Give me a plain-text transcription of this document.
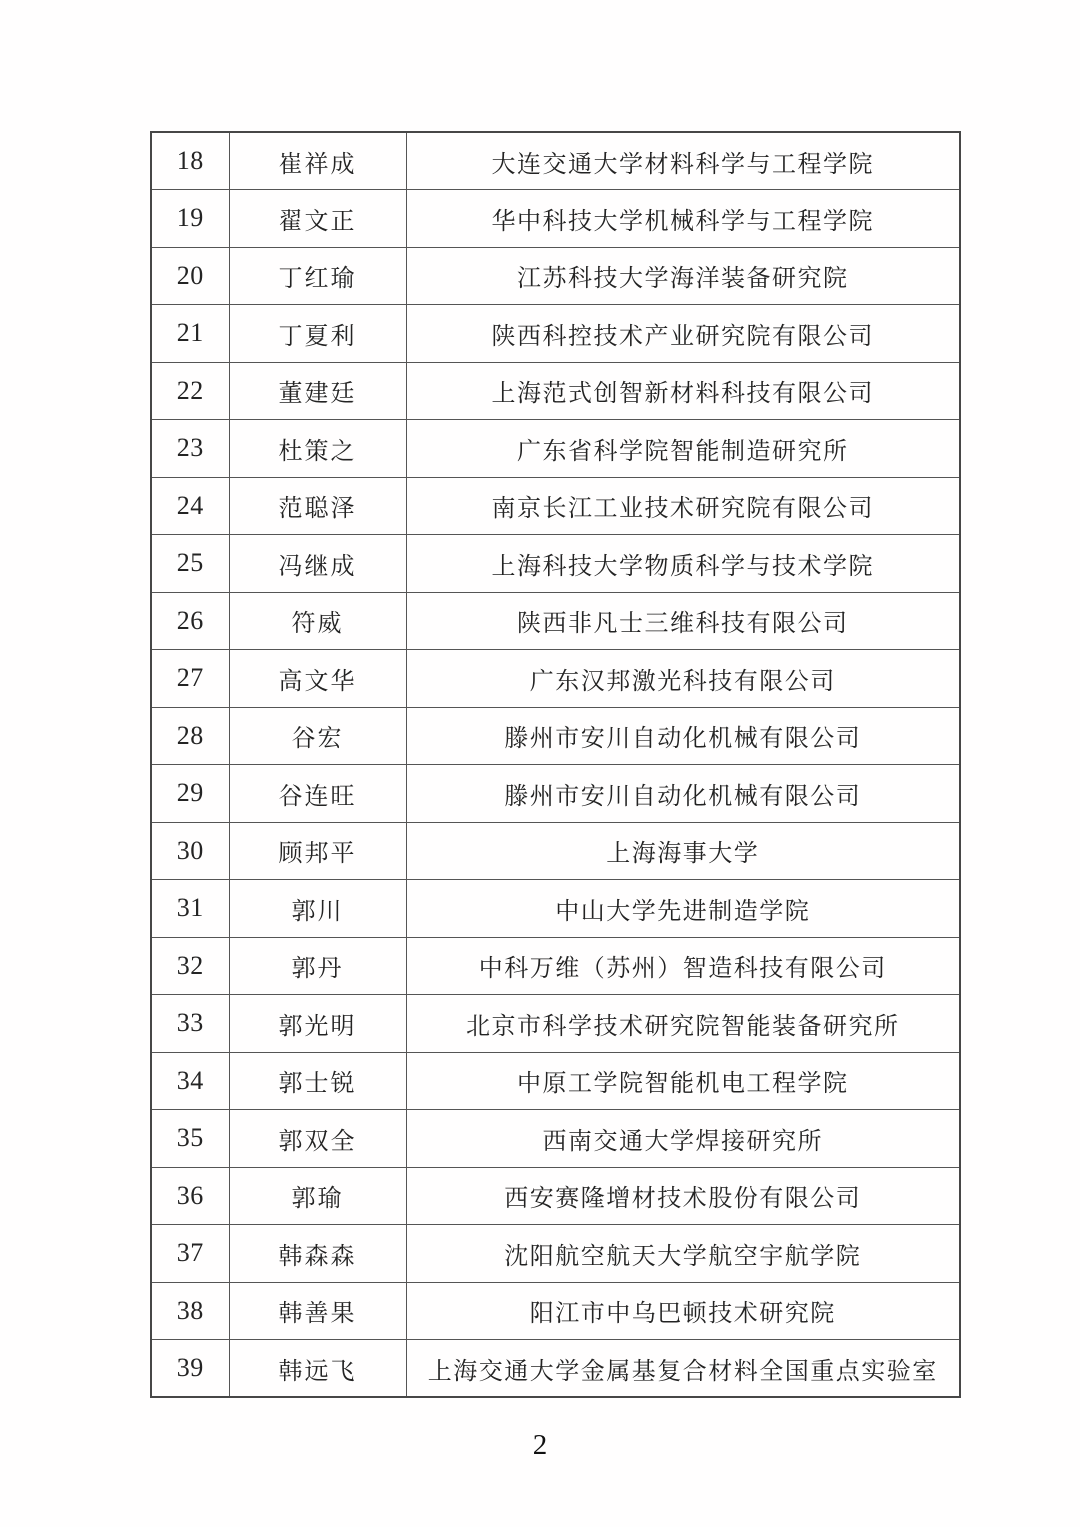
18	崔祥成	大连交通大学材料科学与工程学院
19	翟文正	华中科技大学机械科学与工程学院
20	丁红瑜	江苏科技大学海洋装备研究院
21	丁夏利	陕西科控技术产业研究院有限公司
22	董建廷	上海范式创智新材料科技有限公司
23	杜策之	广东省科学院智能制造研究所
24	范聪泽	南京长江工业技术研究院有限公司
25	冯继成	上海科技大学物质科学与技术学院
26	符威	陕西非凡士三维科技有限公司
27	高文华	广东汉邦激光科技有限公司
28	谷宏	滕州市安川自动化机械有限公司
29	谷连旺	滕州市安川自动化机械有限公司
30	顾邦平	上海海事大学
31	郭川	中山大学先进制造学院
32	郭丹	中科万维（苏州）智造科技有限公司
33	郭光明	北京市科学技术研究院智能装备研究所
34	郭士锐	中原工学院智能机电工程学院
35	郭双全	西南交通大学焊接研究所
36	郭瑜	西安赛隆增材技术股份有限公司
37	韩森森	沈阳航空航天大学航空宇航学院
38	韩善果	阳江市中乌巴顿技术研究院
39	韩远飞	上海交通大学金属基复合材料全国重点实验室
2
